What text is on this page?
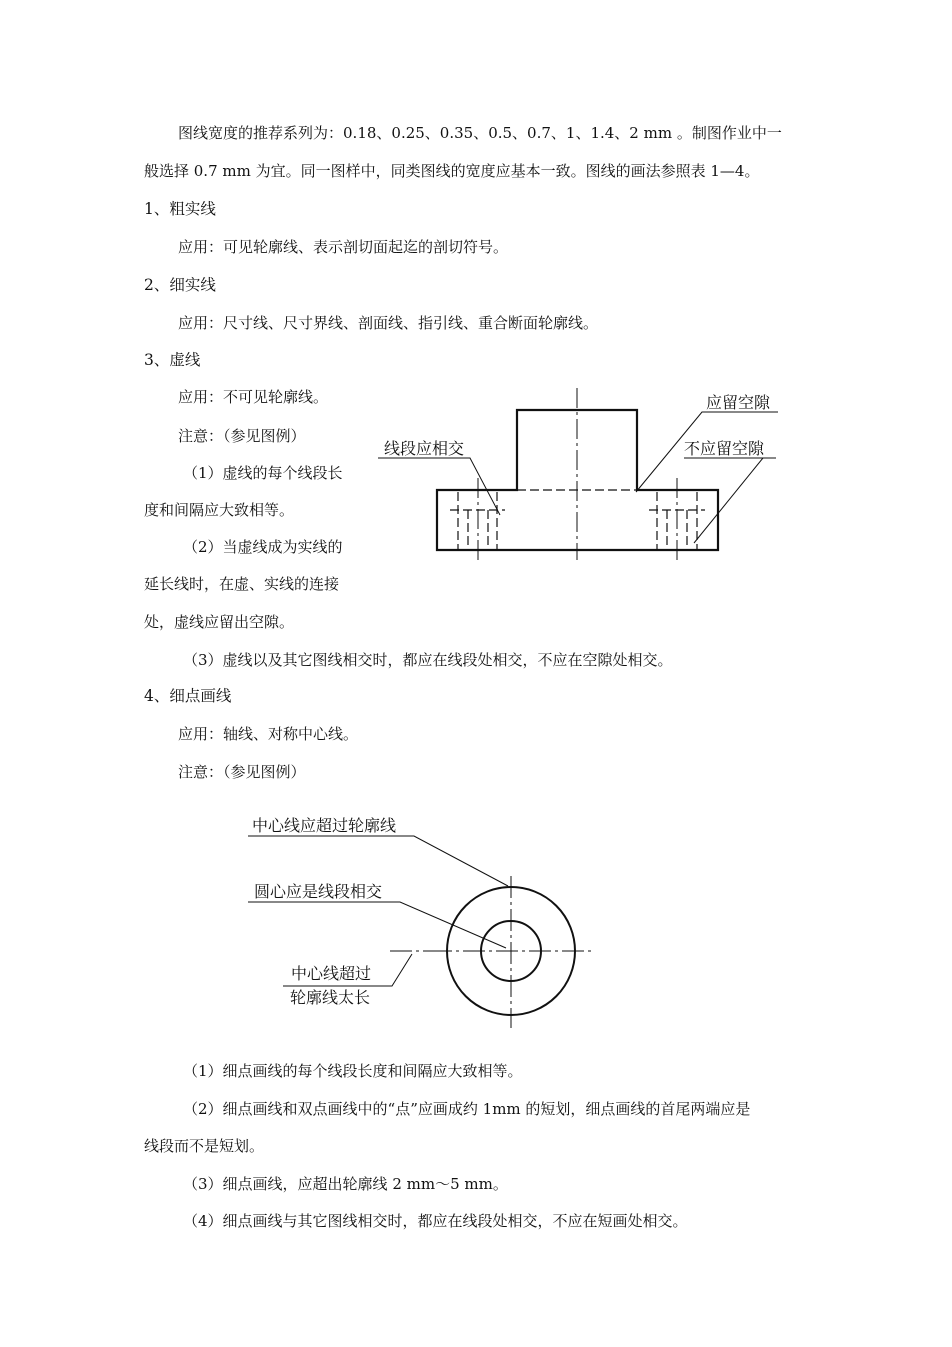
图线宽度的推荐系列为：0.18、0.25、0.35、0.5、0.7、1、1.4、2 mm 。制图作业中一
般选择 0.7 mm 为宜。同一图样中，同类图线的宽度应基本一致。图线的画法参照表 1—4。
1、粗实线
应用：可见轮廓线、表示剖切面起迄的剖切符号。
2、细实线
应用：尺寸线、尺寸界线、剖面线、指引线、重合断面轮廓线。
3、虚线
应用：不可见轮廓线。
注意：（参见图例）
（1）虚线的每个线段长
度和间隔应大致相等。
（2）当虚线成为实线的
延长线时，在虚、实线的连接
处，虚线应留出空隙。
（3）虚线以及其它图线相交时，都应在线段处相交，不应在空隙处相交。
应留空隙
不应留空隙
线段应相交
4、细点画线
应用：轴线、对称中心线。
注意：（参见图例）
中心线应超过轮廓线
圆心应是线段相交
中心线超过
轮廓线太长
（1）细点画线的每个线段长度和间隔应大致相等。
（2）细点画线和双点画线中的“点”应画成约 1mm 的短划，细点画线的首尾两端应是
线段而不是短划。
（3）细点画线，应超出轮廓线 2 mm～5 mm。
（4）细点画线与其它图线相交时，都应在线段处相交，不应在短画处相交。
